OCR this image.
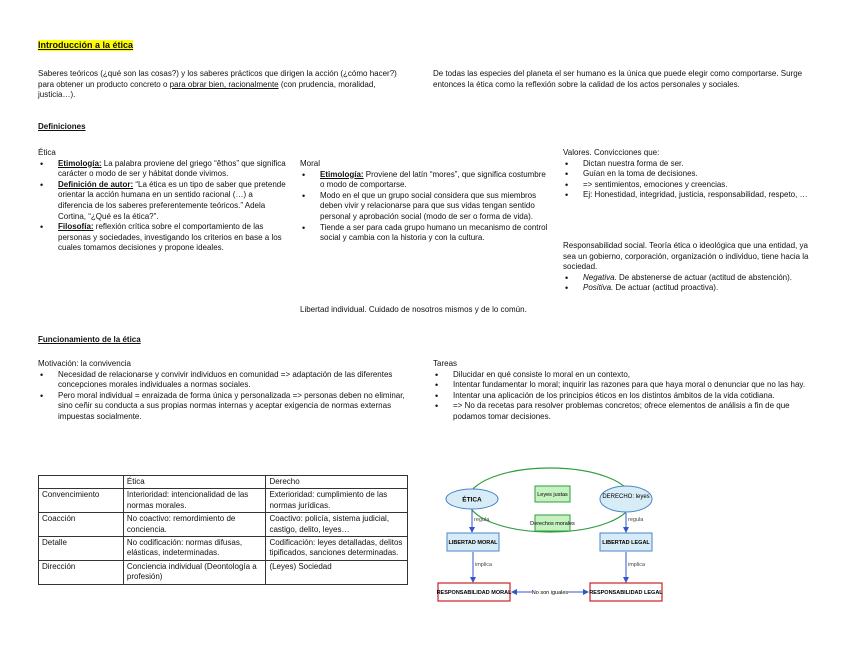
Introducción a la ética

Saberes teóricos (¿qué son las cosas?) y los saberes prácticos que dirigen la acción (¿cómo hacer?) para obtener un producto concreto o para obrar bien, racionalmente (con prudencia, moralidad, justicia…).

De todas las especies del planeta el ser humano es la única que puede elegir como comportarse. Surge entonces la ética como la reflexión sobre la calidad de los actos personales y sociales.

Definiciones

Ética

• Etimología: La palabra proviene del griego “êthos” que significa carácter o modo de ser y hábitat donde vivimos.
• Definición de autor: “La ética es un tipo de saber que pretende orientar la acción humana en un sentido racional (…) a diferencia de los saberes preferentemente teóricos.” Adela Cortina, “¿Qué es la ética?”.
• Filosofía: reflexión crítica sobre el comportamiento de las personas y sociedades, investigando los criterios en base a los cuales tomamos decisiones y propone ideales.

Moral

• Etimología: Proviene del latín “mores”, que significa costumbre o modo de comportarse.
• Modo en el que un grupo social considera que sus miembros deben vivir y relacionarse para que sus vidas tengan sentido personal y aprobación social (modo de ser o forma de vida).
• Tiende a ser para cada grupo humano un mecanismo de control social y cambia con la historia y con la cultura.
Libertad individual. Cuidado de nosotros mismos y de lo común.

Valores. Convicciones que:

• Dictan nuestra forma de ser.
• Guían en la toma de decisiones.
• => sentimientos, emociones y creencias.
• Ej: Honestidad, integridad, justicia, responsabilidad, respeto, …

Responsabilidad social. Teoría ética o ideológica que una entidad, ya sea un gobierno, corporación, organización o individuo, tiene hacia la sociedad.

• Negativa. De abstenerse de actuar (actitud de abstención).
• Positiva. De actuar (actitud proactiva).
Funcionamiento de la ética

Motivación: la convivencia

• Necesidad de relacionarse y convivir individuos en comunidad => adaptación de las diferentes concepciones morales individuales a normas sociales.
• Pero moral individual = enraizada de forma única y personalizada => personas deben no eliminar, sino ceñir su conducta a sus propias normas internas y aceptar exigencia de normas externas impuestas socialmente.

Tareas

• Dilucidar en qué consiste lo moral en un contexto,
• Intentar fundamentar lo moral; inquirir las razones para que haya moral o denunciar que no las hay.
• Intentar una aplicación de los principios éticos en los distintos ámbitos de la vida cotidiana.
• => No da recetas para resolver problemas concretos; ofrece elementos de análisis a fin de que podamos tomar decisiones.
	Ética	Derecho
Convencimiento	Interioridad: intencionalidad de las normas morales.	Exterioridad: cumplimiento de las normas jurídicas.
Coacción	No coactivo: remordimiento de conciencia.	Coactivo: policía, sistema judicial, castigo, delito, leyes…
Detalle	No codificación: normas difusas, elásticas, indeterminadas.	Codificación: leyes detalladas, delitos tipificados, sanciones determinadas.
Dirección	Conciencia individual (Deontología a profesión)	(Leyes) Sociedad
ÉTICA	DERECHO: leyes
Leyes justas
Derechos morales
regula	regula
LIBERTAD MORAL	LIBERTAD LEGAL
implica	implica
RESPONSABILIDAD MORAL	RESPONSABILIDAD LEGAL
No son iguales
